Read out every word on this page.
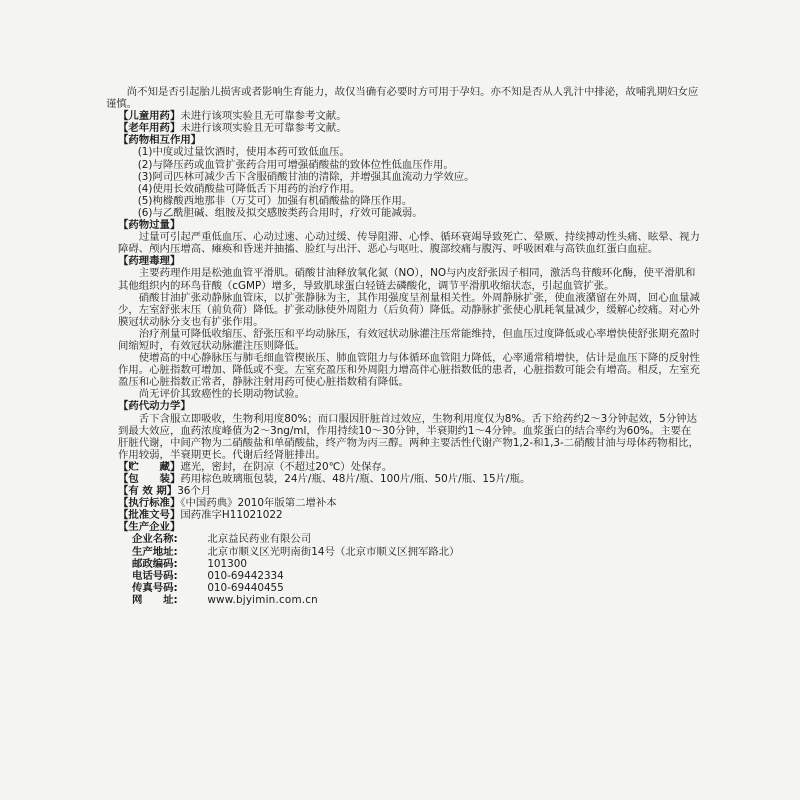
尚不知是否引起胎儿损害或者影响生育能力，故仅当确有必要时方可用于孕妇。亦不知是否从人乳汁中排泌，故哺乳期妇女应谨慎。

【儿童用药】未进行该项实验且无可靠参考文献。

【老年用药】未进行该项实验且无可靠参考文献。

【药物相互作用】

(1)中度或过量饮酒时，使用本药可致低血压。

(2)与降压药或血管扩张药合用可增强硝酸盐的致体位性低血压作用。

(3)阿司匹林可减少舌下含服硝酸甘油的清除，并增强其血流动力学效应。

(4)使用长效硝酸盐可降低舌下用药的治疗作用。

(5)枸橼酸西地那非（万艾可）加强有机硝酸盐的降压作用。

(6)与乙酰胆碱、组胺及拟交感胺类药合用时，疗效可能减弱。

【药物过量】

过量可引起严重低血压、心动过速、心动过缓、传导阻滞、心悸、循环衰竭导致死亡、晕厥、持续搏动性头痛、眩晕、视力障碍、颅内压增高、瘫痪和昏迷并抽搐、脸红与出汗、恶心与呕吐、腹部绞痛与腹泻、呼吸困难与高铁血红蛋白血症。

【药理毒理】

主要药理作用是松弛血管平滑肌。硝酸甘油释放氧化氮（NO），NO与内皮舒张因子相同，激活鸟苷酸环化酶，使平滑肌和其他组织内的环鸟苷酸（cGMP）增多，导致肌球蛋白轻链去磷酸化，调节平滑肌收缩状态，引起血管扩张。

硝酸甘油扩张动静脉血管床，以扩张静脉为主，其作用强度呈剂量相关性。外周静脉扩张，使血液潴留在外周，回心血量减少，左室舒张末压（前负荷）降低。扩张动脉使外周阻力（后负荷）降低。动静脉扩张使心肌耗氧量减少，缓解心绞痛。对心外膜冠状动脉分支也有扩张作用。

治疗剂量可降低收缩压、舒张压和平均动脉压，有效冠状动脉灌注压常能维持，但血压过度降低或心率增快使舒张期充盈时间缩短时，有效冠状动脉灌注压则降低。

使增高的中心静脉压与肺毛细血管楔嵌压、肺血管阻力与体循环血管阻力降低，心率通常稍增快，估计是血压下降的反射性作用。心脏指数可增加、降低或不变。左室充盈压和外周阻力增高伴心脏指数低的患者，心脏指数可能会有增高。相反，左室充盈压和心脏指数正常者，静脉注射用药可使心脏指数稍有降低。

尚无评价其致癌性的长期动物试验。

【药代动力学】

舌下含服立即吸收，生物利用度80%；而口服因肝脏首过效应，生物利用度仅为8%。舌下给药约2～3分钟起效，5分钟达到最大效应，血药浓度峰值为2～3ng/ml，作用持续10～30分钟，半衰期约1～4分钟。血浆蛋白的结合率约为60%。主要在肝脏代谢，中间产物为二硝酸盐和单硝酸盐，终产物为丙三醇。两种主要活性代谢产物1,2-和1,3-二硝酸甘油与母体药物相比，作用较弱，半衰期更长。代谢后经肾脏排出。

【贮　　藏】遮光，密封，在阴凉（不超过20℃）处保存。

【包　　装】药用棕色玻璃瓶包装，24片/瓶、48片/瓶、100片/瓶、50片/瓶、15片/瓶。

【有 效 期】36个月

【执行标准】《中国药典》2010年版第二增补本

【批准文号】国药准字H11021022

【生产企业】

企业名称:	北京益民药业有限公司

生产地址:	北京市顺义区光明南街14号（北京市顺义区拥军路北）

邮政编码:	101300

电话号码:	010-69442334

传真号码:	010-69440455

网　　址:	www.bjyimin.com.cn
